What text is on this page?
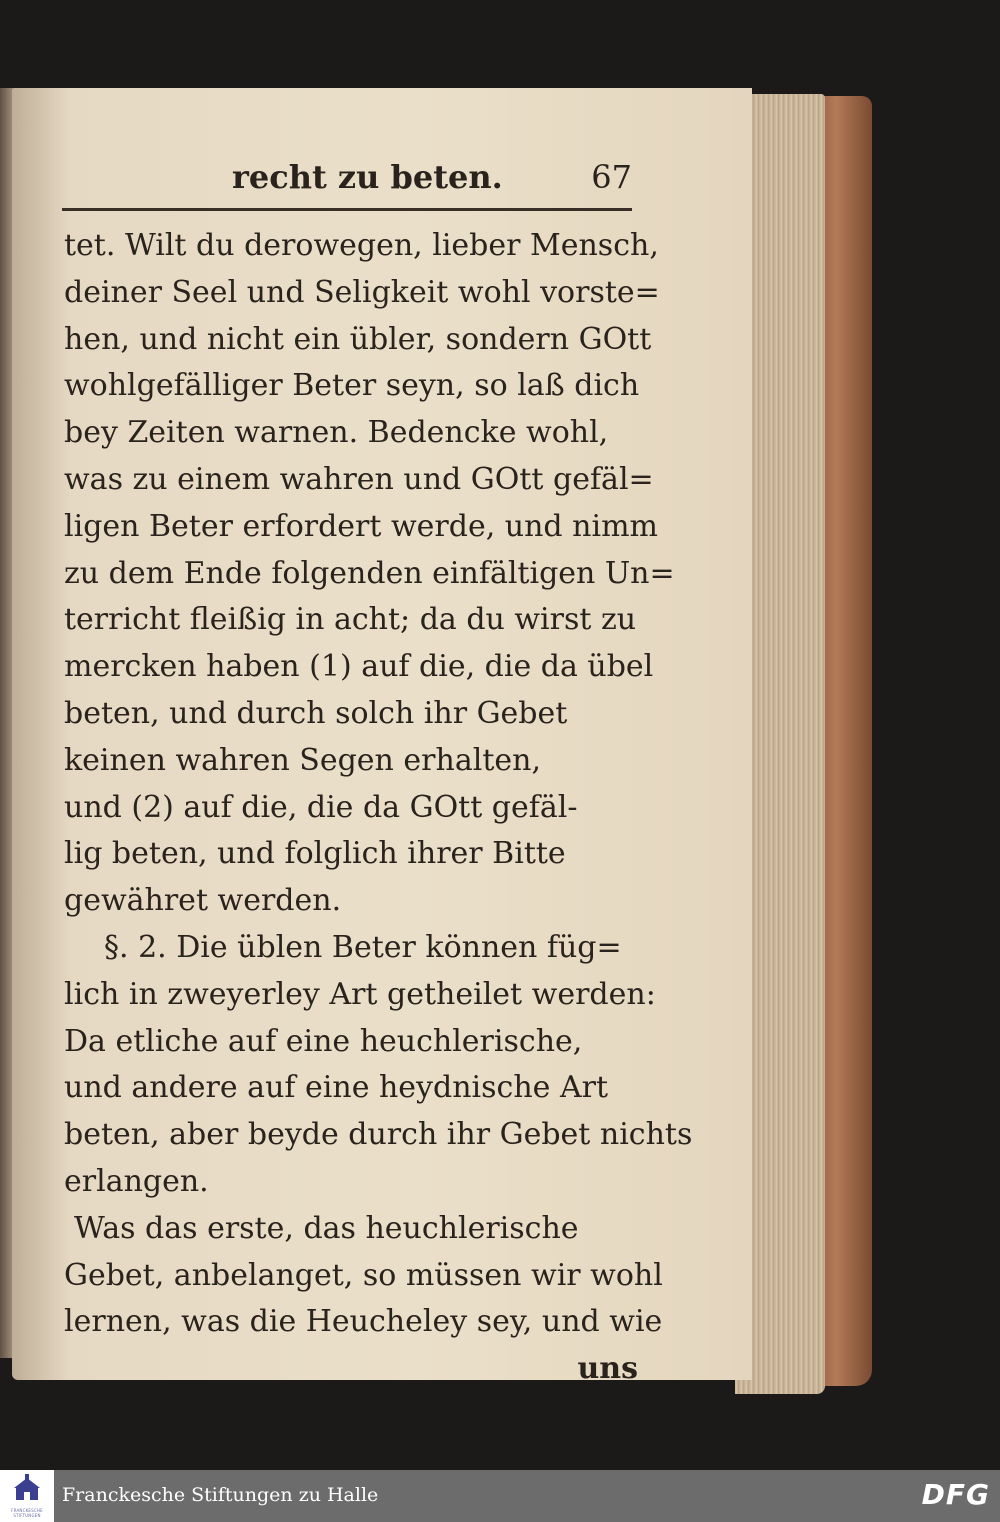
recht zu beten.	67
tet. Wilt du derowegen, lieber Mensch,
deiner Seel und Seligkeit wohl vorste=
hen, und nicht ein übler, sondern GOtt
wohlgefälliger Beter seyn, so laß dich
bey Zeiten warnen. Bedencke wohl,
was zu einem wahren und GOtt gefäl=
ligen Beter erfordert werde, und nimm
zu dem Ende folgenden einfältigen Un=
terricht fleißig in acht; da du wirst zu
mercken haben (1) auf die, die da übel
beten, und durch solch ihr Gebet
keinen wahren Segen erhalten,
und (2) auf die, die da GOtt gefäl-
lig beten, und folglich ihrer Bitte
gewähret werden.
§. 2. Die üblen Beter können füg=
lich in zweyerley Art getheilet werden:
Da etliche auf eine heuchlerische,
und andere auf eine heydnische Art
beten, aber beyde durch ihr Gebet nichts
erlangen.
Was das erste, das heuchlerische
Gebet, anbelanget, so müssen wir wohl
lernen, was die Heucheley sey, und wie
uns
FRANCKESCHE STIFTUNGEN
Franckesche Stiftungen zu Halle	DFG
